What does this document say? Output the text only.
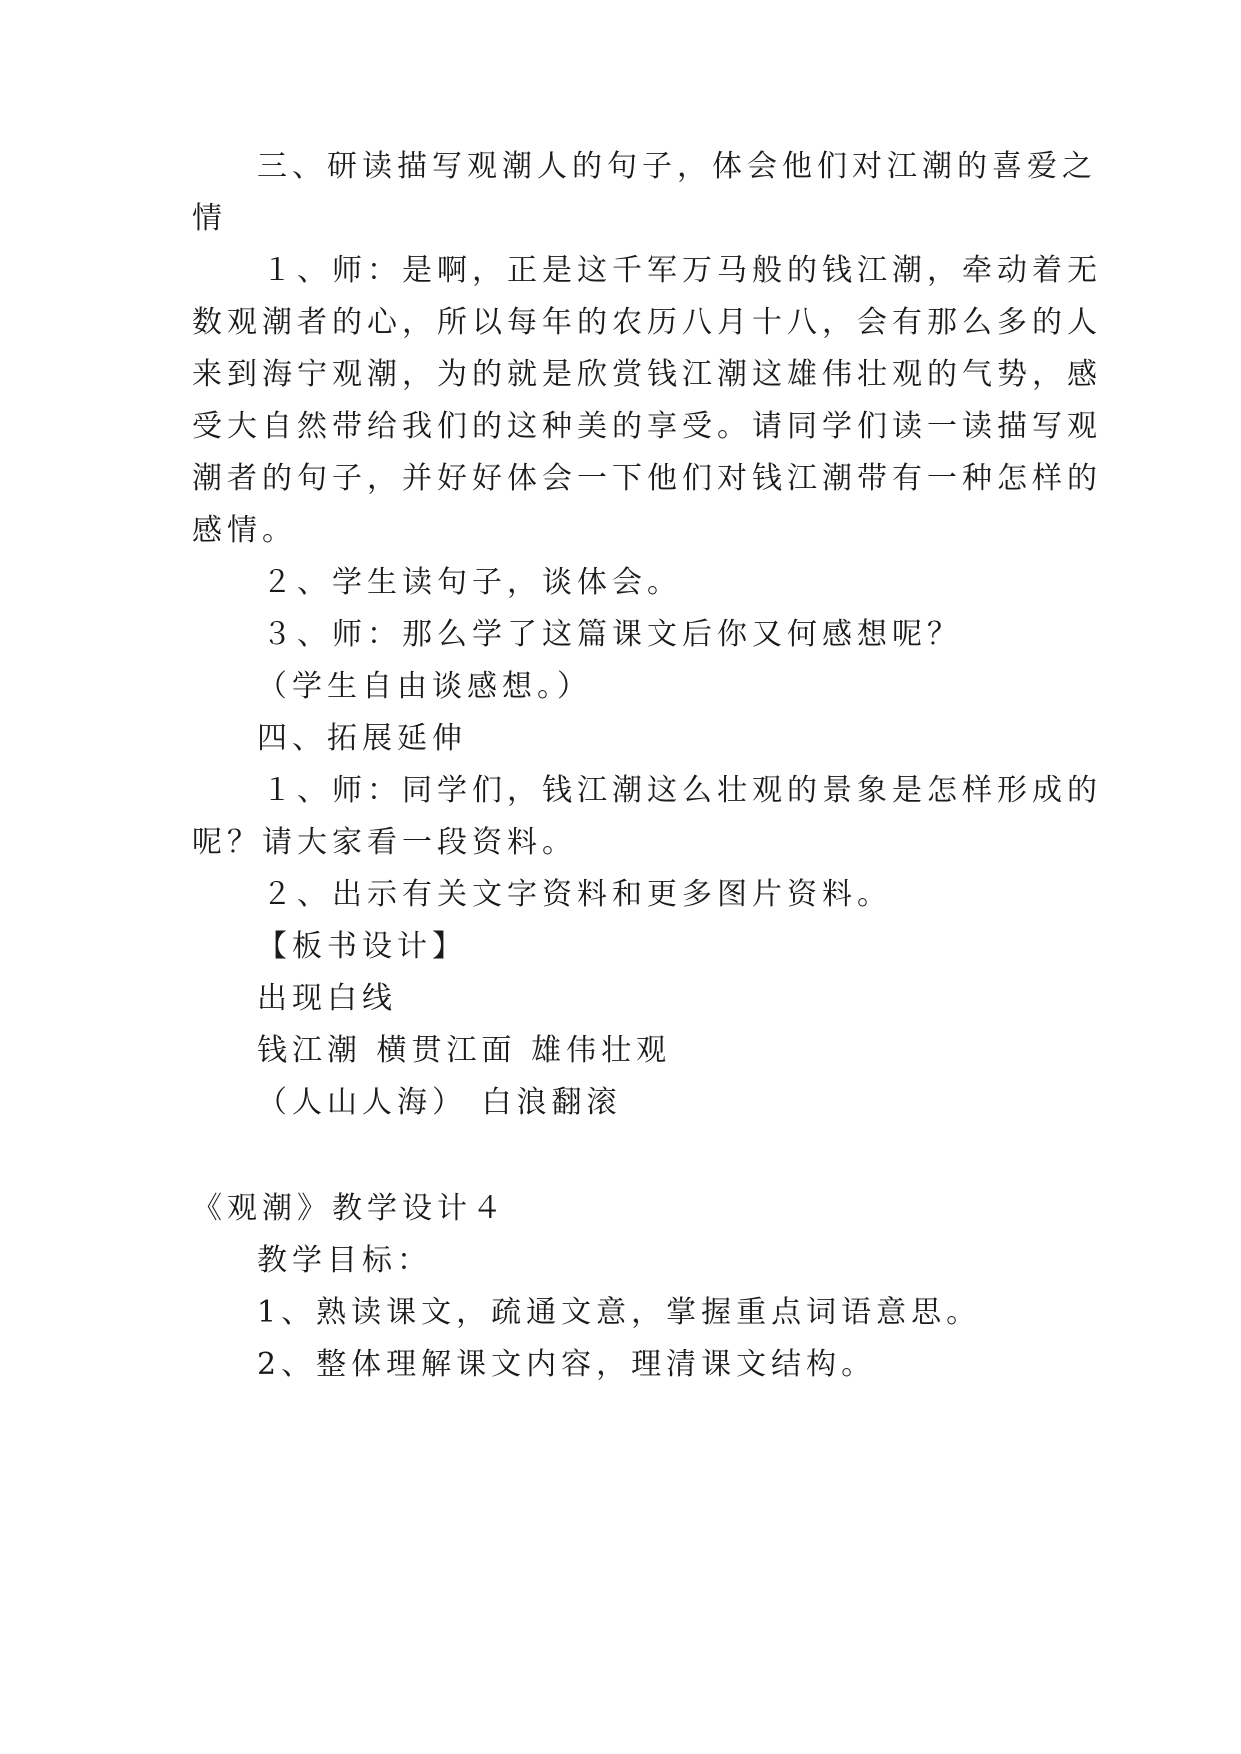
三、研读描写观潮人的句子，体会他们对江潮的喜爱之
情
１、师：是啊，正是这千军万马般的钱江潮，牵动着无
数观潮者的心，所以每年的农历八月十八，会有那么多的人
来到海宁观潮，为的就是欣赏钱江潮这雄伟壮观的气势，感
受大自然带给我们的这种美的享受。请同学们读一读描写观
潮者的句子，并好好体会一下他们对钱江潮带有一种怎样的
感情。
２、学生读句子，谈体会。
３、师：那么学了这篇课文后你又何感想呢？
（学生自由谈感想。）
四、拓展延伸
１、师：同学们，钱江潮这么壮观的景象是怎样形成的
呢？请大家看一段资料。
２、出示有关文字资料和更多图片资料。
【板书设计】
出现白线
钱江潮 横贯江面 雄伟壮观
（人山人海） 白浪翻滚
《观潮》教学设计４
教学目标：
1、熟读课文，疏通文意，掌握重点词语意思。
2、整体理解课文内容，理清课文结构。
